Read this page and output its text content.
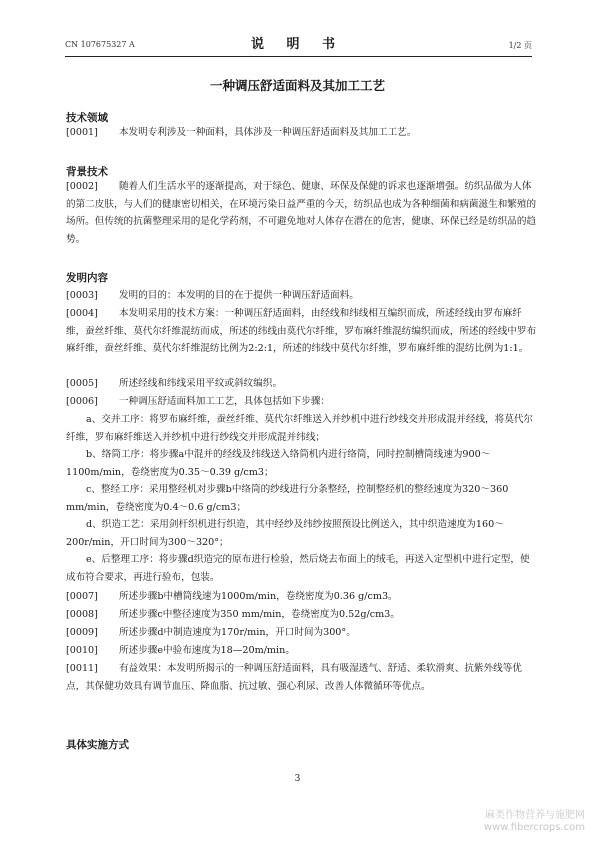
CN 107675327 A	说 明 书	1/2 页
一种调压舒适面料及其加工工艺
技术领域
[0001] 本发明专利涉及一种面料，具体涉及一种调压舒适面料及其加工工艺。
背景技术
[0002] 随着人们生活水平的逐渐提高，对于绿色、健康、环保及保健的诉求也逐渐增强。纺织品做为人体的第二皮肤，与人们的健康密切相关，在环境污染日益严重的今天，纺织品也成为各种细菌和病菌滋生和繁殖的场所。但传统的抗菌整理采用的是化学药剂，不可避免地对人体存在潜在的危害，健康、环保已经是纺织品的趋势。
发明内容
[0003] 发明的目的：本发明的目的在于提供一种调压舒适面料。
[0004] 本发明采用的技术方案：一种调压舒适面料，由经线和纬线相互编织而成，所述经线由罗布麻纤维，蚕丝纤维、莫代尔纤维混纺而成，所述的纬线由莫代尔纤维，罗布麻纤维混纺编织而成，所述的经线中罗布麻纤维，蚕丝纤维、莫代尔纤维混纺比例为2:2:1，所述的纬线中莫代尔纤维，罗布麻纤维的混纺比例为1:1。
[0005] 所述经线和纬线采用平纹或斜纹编织。
[0006] 一种调压舒适面料加工工艺，具体包括如下步骤：
a、交并工序：将罗布麻纤维，蚕丝纤维、莫代尔纤维送入并纱机中进行纱线交并形成混并经线，将莫代尔纤维，罗布麻纤维送入并纱机中进行纱线交并形成混并纬线；
b、络筒工序：将步骤a中混并的经线及纬线送入络筒机内进行络筒，同时控制槽筒线速为900～1100m/min，卷绕密度为0.35～0.39 g/cm3；
c、整经工序：采用整经机对步骤b中络筒的纱线进行分条整经，控制整经机的整经速度为320～360 mm/min，卷绕密度为0.4～0.6 g/cm3；
d、织造工艺：采用剑杆织机进行织造，其中经纱及纬纱按照预设比例送入，其中织造速度为160～200r/min，开口时间为300～320°；
e、后整理工序：将步骤d织造完的原布进行检验，然后烧去布面上的绒毛，再送入定型机中进行定型，使成布符合要求，再进行验布，包装。
[0007] 所述步骤b中槽筒线速为1000m/min，卷绕密度为0.36 g/cm3。
[0008] 所述步骤c中整径速度为350 mm/min，卷绕密度为0.52g/cm3。
[0009] 所述步骤d中制造速度为170r/min，开口时间为300°。
[0010] 所述步骤e中验布速度为18—20m/min。
[0011] 有益效果：本发明所揭示的一种调压舒适面料，具有吸湿透气、舒适、柔软滑爽、抗紫外线等优点，其保健功效具有调节血压、降血脂、抗过敏、强心利尿、改善人体微循环等优点。
具体实施方式
3
麻类作物营养与施肥网
www.fibercrops.com
